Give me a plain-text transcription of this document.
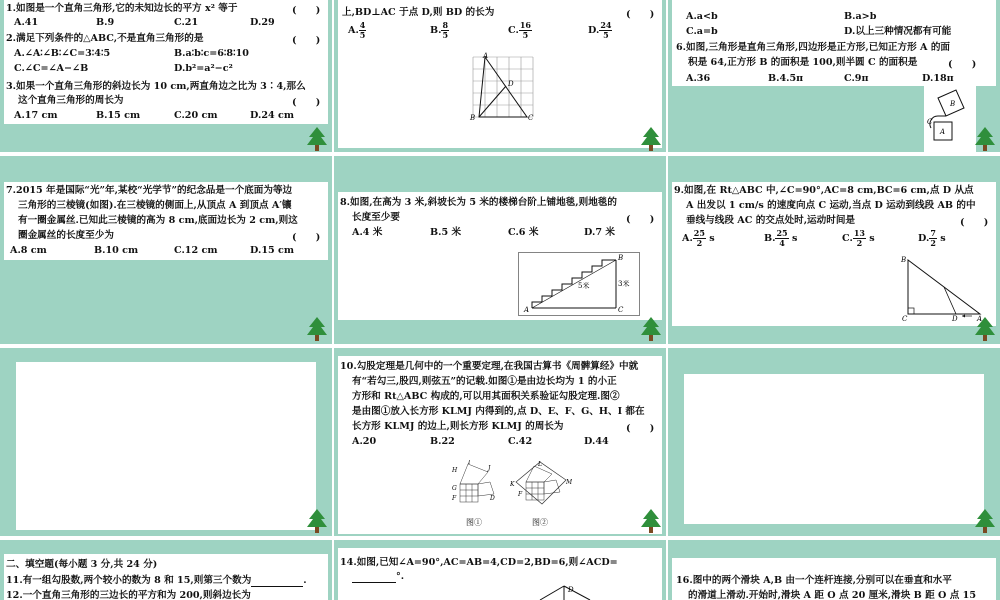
1.如图是一个直角三角形,它的未知边长的平方 x² 等于	(　　)
A.41	B.9	C.21	D.29
2.满足下列条件的△ABC,不是直角三角形的是	(　　)
A.∠A∶∠B∶∠C=3∶4∶5	B.a∶b∶c=6∶8∶10
C.∠C=∠A−∠B	D.b²=a²−c²
3.如果一个直角三角形的斜边长为 10 cm,两直角边之比为 3∶4,那么
这个直角三角形的周长为	(　　)
A.17 cm	B.15 cm	C.20 cm	D.24 cm
上,BD⊥AC 于点 D,则 BD 的长为	(　　)
A. $\frac{4}{5}$	B. $\frac{8}{5}$	C. $\frac{16}{5}$	D. $\frac{24}{5}$
A
D
B	C
A.a<b	B.a>b
C.a=b	D.以上三种情况都有可能
6.如图,三角形是直角三角形,四边形是正方形,已知正方形 A 的面
积是 64,正方形 B 的面积是 100,则半圆 C 的面积是	(　　)
A.36	B.4.5π	C.9π	D.18π
B
C
A
7.2015 年是国际“光”年,某校“光学节”的纪念品是一个底面为等边
三角形的三棱镜(如图).在三棱镜的侧面上,从顶点 A 到顶点 A′镶
有一圈金属丝.已知此三棱镜的高为 8 cm,底面边长为 2 cm,则这
圈金属丝的长度至少为	(　　)
A.8 cm	B.10 cm	C.12 cm	D.15 cm
8.如图,在高为 3 米,斜坡长为 5 米的楼梯台阶上铺地毯,则地毯的
长度至少要	(　　)
A.4 米	B.5 米	C.6 米	D.7 米
B
5米	3米
A	C
9.如图,在 Rt△ABC 中,∠C=90°,AC=8 cm,BC=6 cm,点 D 从点
A 出发以 1 cm/s 的速度向点 C 运动,当点 D 运动到线段 AB 的中
垂线与线段 AC 的交点处时,运动时间是	(　　)
A. $\frac{25}{2}$ s	B. $\frac{25}{4}$ s	C. $\frac{13}{2}$ s	D. $\frac{7}{2}$ s
B
C	D	A
10.勾股定理是几何中的一个重要定理,在我国古算书《周髀算经》中就
有“若勾三,股四,则弦五”的记载.如图①是由边长均为 1 的小正
方形和 Rt△ABC 构成的,可以用其面积关系验证勾股定理.图②
是由图①放入长方形 KLMJ 内得到的,点 D、E、F、G、H、I 都在
长方形 KLMJ 的边上,则长方形 KLMJ 的周长为	(　　)
A.20	B.22	C.42	D.44
H
I
J
G
F	D
K
L
M
F
图①	图②
二、填空题(每小题 3 分,共 24 分)
11.有一组勾股数,两个较小的数为 8 和 15,则第三个数为	.
12.一个直角三角形的三边长的平方和为 200,则斜边长为
14.如图,已知∠A=90°,AC=AB=4,CD=2,BD=6,则∠ACD=
°.
D
16.图中的两个滑块 A,B 由一个连杆连接,分别可以在垂直和水平
的滑道上滑动.开始时,滑块 A 距 O 点 20 厘米,滑块 B 距 O 点 15
